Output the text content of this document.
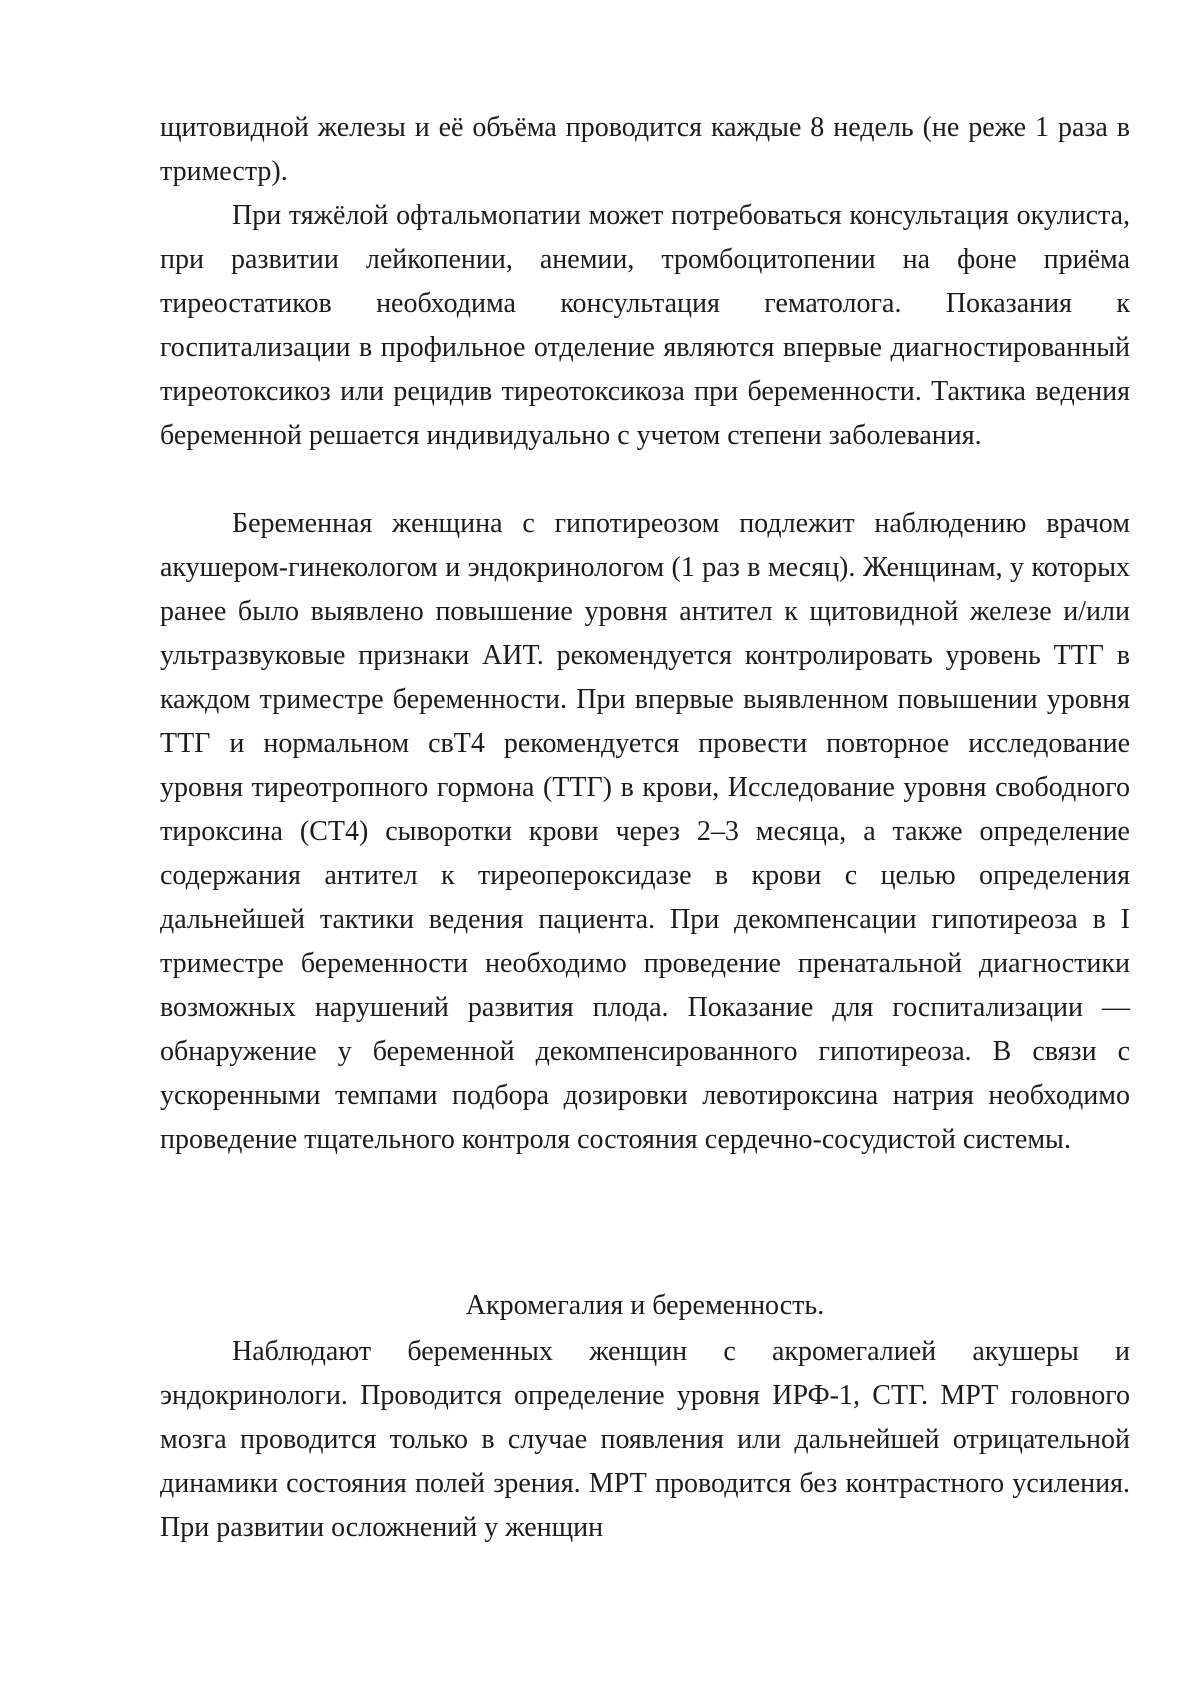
щитовидной железы и её объёма проводится каждые 8 недель (не реже 1 раза в триместр).

При тяжёлой офтальмопатии может потребоваться консультация окулиста, при развитии лейкопении, анемии, тромбоцитопении на фоне приёма тиреостатиков необходима консультация гематолога. Показания к госпитализации в профильное отделение являются впервые диагностированный тиреотоксикоз или рецидив тиреотоксикоза при беременности. Тактика ведения беременной решается индивидуально с учетом степени заболевания.

Беременная женщина с гипотиреозом подлежит наблюдению врачом акушером-гинекологом и эндокринологом (1 раз в месяц). Женщинам, у которых ранее было выявлено повышение уровня антител к щитовидной железе и/или ультразвуковые признаки АИТ. рекомендуется контролировать уровень ТТГ в каждом триместре беременности. При впервые выявленном повышении уровня ТТГ и нормальном свТ4 рекомендуется провести повторное исследование уровня тиреотропного гормона (ТТГ) в крови, Исследование уровня свободного тироксина (СТ4) сыворотки крови через 2–3 месяца, а также определение содержания антител к тиреопероксидазе в крови с целью определения дальнейшей тактики ведения пациента. При декомпенсации гипотиреоза в I триместре беременности необходимо проведение пренатальной диагностики возможных нарушений развития плода. Показание для госпитализации — обнаружение у беременной декомпенсированного гипотиреоза. В связи с ускоренными темпами подбора дозировки левотироксина натрия необходимо проведение тщательного контроля состояния сердечно-сосудистой системы.

Акромегалия и беременность.

Наблюдают беременных женщин с акромегалией акушеры и эндокринологи. Проводится определение уровня ИРФ-1, СТГ. МРТ головного мозга проводится только в случае появления или дальнейшей отрицательной динамики состояния полей зрения. МРТ проводится без контрастного усиления. При развитии осложнений у женщин
